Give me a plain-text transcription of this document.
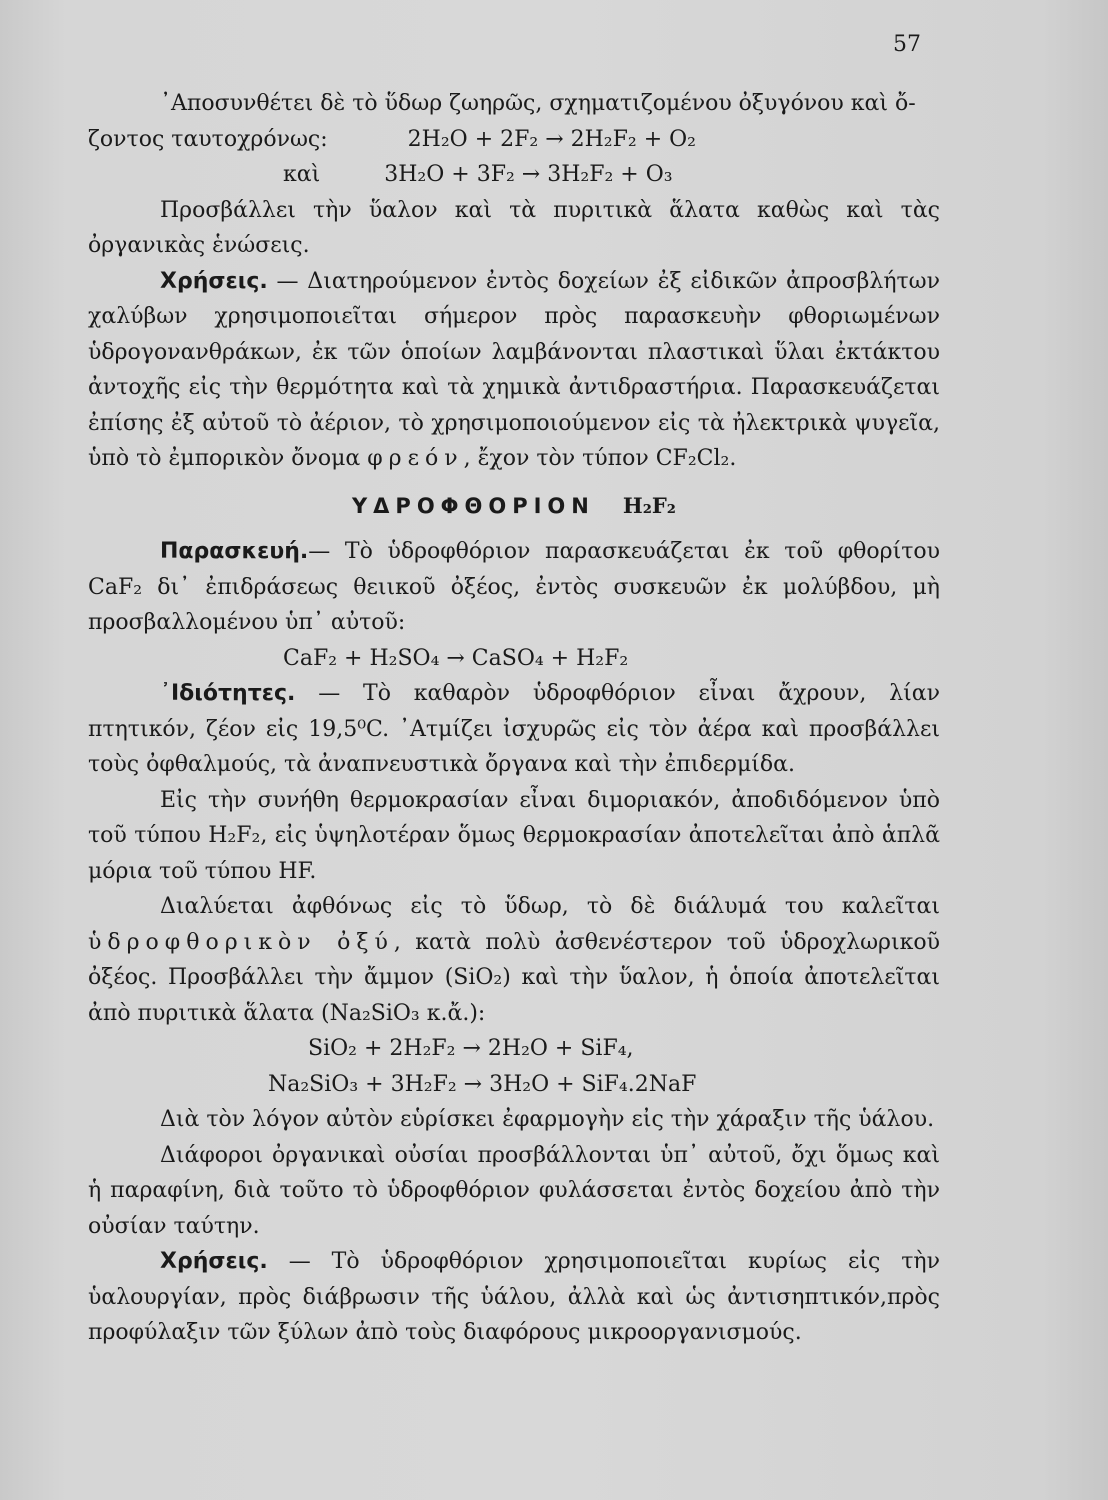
57

᾿Αποσυνθέτει δὲ τὸ ὕδωρ ζωηρῶς, σχηματιζομένου ὀξυγόνου καὶ ὄ-
ζοντος ταυτοχρόνως:	2H₂O + 2F₂ → 2H₂F₂ + O₂

καὶ	3H₂O + 3F₂ → 3H₂F₂ + O₃

Προσβάλλει τὴν ὕαλον καὶ τὰ πυριτικὰ ἅλατα καθὼς καὶ τὰς ὀργανικὰς ἑνώσεις.

Χρήσεις. — Διατηρούμενον ἐντὸς δοχείων ἐξ εἰδικῶν ἀπροσβλήτων χαλύβων χρησιμοποιεῖται σήμερον πρὸς παρασκευὴν φθοριωμένων ὑδρογονανθράκων, ἐκ τῶν ὁποίων λαμβάνονται πλαστικαὶ ὕλαι ἐκτάκτου ἀντοχῆς εἰς τὴν θερμότητα καὶ τὰ χημικὰ ἀντιδραστήρια. Παρασκευάζεται ἐπίσης ἐξ αὐτοῦ τὸ ἀέριον, τὸ χρησιμοποιούμενον εἰς τὰ ἠλεκτρικὰ ψυγεῖα, ὑπὸ τὸ ἐμπορικὸν ὄνομα φρεόν, ἔχον τὸν τύπον CF₂Cl₂.

ΥΔΡΟΦΘΟΡΙΟΝ H₂F₂

Παρασκευή.— Τὸ ὑδροφθόριον παρασκευάζεται ἐκ τοῦ φθορίτου CaF₂ δι᾿ ἐπιδράσεως θειικοῦ ὀξέος, ἐντὸς συσκευῶν ἐκ μολύβδου, μὴ προσβαλλομένου ὑπ᾿ αὐτοῦ:

CaF₂ + H₂SO₄ → CaSO₄ + H₂F₂

᾿Ιδιότητες. — Τὸ καθαρὸν ὑδροφθόριον εἶναι ἄχρουν, λίαν πτητικόν, ζέον εἰς 19,5⁰C. ᾿Ατμίζει ἰσχυρῶς εἰς τὸν ἀέρα καὶ προσβάλλει τοὺς ὀφθαλμούς, τὰ ἀναπνευστικὰ ὄργανα καὶ τὴν ἐπιδερμίδα.

Εἰς τὴν συνήθη θερμοκρασίαν εἶναι διμοριακόν, ἀποδιδόμενον ὑπὸ τοῦ τύπου H₂F₂, εἰς ὑψηλοτέραν ὅμως θερμοκρασίαν ἀποτελεῖται ἀπὸ ἁπλᾶ μόρια τοῦ τύπου HF.

Διαλύεται ἀφθόνως εἰς τὸ ὕδωρ, τὸ δὲ διάλυμά του καλεῖται ὑδροφθορικὸν ὀξύ, κατὰ πολὺ ἀσθενέστερον τοῦ ὑδροχλωρικοῦ ὀξέος. Προσβάλλει τὴν ἄμμον (SiO₂) καὶ τὴν ὕαλον, ἡ ὁποία ἀποτελεῖται ἀπὸ πυριτικὰ ἅλατα (Na₂SiO₃ κ.ἄ.):

SiO₂ + 2H₂F₂ → 2H₂O + SiF₄,

Na₂SiO₃ + 3H₂F₂ → 3H₂O + SiF₄.2NaF

Διὰ τὸν λόγον αὐτὸν εὑρίσκει ἐφαρμογὴν εἰς τὴν χάραξιν τῆς ὑάλου.

Διάφοροι ὀργανικαὶ οὐσίαι προσβάλλονται ὑπ᾿ αὐτοῦ, ὄχι ὅμως καὶ ἡ παραφίνη, διὰ τοῦτο τὸ ὑδροφθόριον φυλάσσεται ἐντὸς δοχείου ἀπὸ τὴν οὐσίαν ταύτην.

Χρήσεις. — Τὸ ὑδροφθόριον χρησιμοποιεῖται κυρίως εἰς τὴν ὑαλουργίαν, πρὸς διάβρωσιν τῆς ὑάλου, ἀλλὰ καὶ ὡς ἀντισηπτικόν,πρὸς προφύλαξιν τῶν ξύλων ἀπὸ τοὺς διαφόρους μικροοργανισμούς.
